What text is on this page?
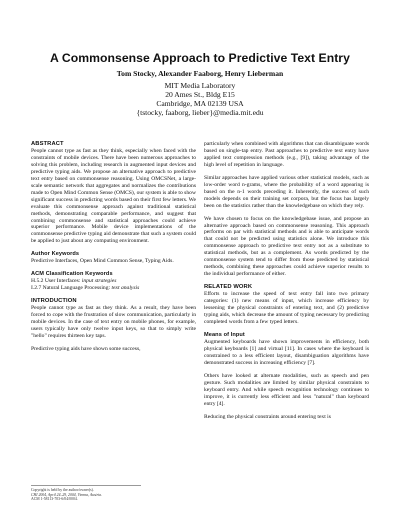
A Commonsense Approach to Predictive Text Entry
Tom Stocky, Alexander Faaborg, Henry Lieberman
MIT Media Laboratory
20 Ames St., Bldg E15
Cambridge, MA 02139 USA
{tstocky, faaborg, lieber}@media.mit.edu

ABSTRACT

People cannot type as fast as they think, especially when faced with the constraints of mobile devices. There have been numerous approaches to solving this problem, including research in augmented input devices and predictive typing aids. We propose an alternative approach to predictive text entry based on commonsense reasoning. Using OMCSNet, a large-scale semantic network that aggregates and normalizes the contributions made to Open Mind Common Sense (OMCS), our system is able to show significant success in predicting words based on their first few letters. We evaluate this commonsense approach against traditional statistical methods, demonstrating comparable performance, and suggest that combining commonsense and statistical approaches could achieve superior performance. Mobile device implementations of the commonsense predictive typing aid demonstrate that such a system could be applied to just about any computing environment.

Author Keywords

Predictive Interfaces, Open Mind Common Sense, Typing Aids.

ACM Classification Keywords

H.5.2 User Interfaces: input strategies

I.2.7 Natural Language Processing: text analysis

INTRODUCTION

People cannot type as fast as they think. As a result, they have been forced to cope with the frustration of slow communication, particularly in mobile devices. In the case of text entry on mobile phones, for example, users typically have only twelve input keys, so that to simply write "hello" requires thirteen key taps.

Predictive typing aids have shown some success,

Copyright is held by the author/owner(s).
CHI 2004, April 24–29, 2004, Vienna, Austria.
ACM 1-58113-703-6/04/0004.

particularly when combined with algorithms that can disambiguate words based on single-tap entry. Past approaches to predictive text entry have applied text compression methods (e.g., [9]), taking advantage of the high level of repetition in language.

Similar approaches have applied various other statistical models, such as low-order word n-grams, where the probability of a word appearing is based on the n-1 words preceding it. Inherently, the success of such models depends on their training set corpora, but the focus has largely been on the statistics rather than the knowledgebase on which they rely.

We have chosen to focus on the knowledgebase issue, and propose an alternative approach based on commonsense reasoning. This approach performs on par with statistical methods and is able to anticipate words that could not be predicted using statistics alone. We introduce this commonsense approach to predictive text entry not as a substitute to statistical methods, but as a complement. As words predicted by the commonsense system tend to differ from those predicted by statistical methods, combining these approaches could achieve superior results to the individual performance of either.

RELATED WORK

Efforts to increase the speed of text entry fall into two primary categories: (1) new means of input, which increase efficiency by lessening the physical constraints of entering text, and (2) predictive typing aids, which decrease the amount of typing necessary by predicting completed words from a few typed letters.

Means of Input

Augmented keyboards have shown improvements in efficiency, both physical keyboards [1] and virtual [11]. In cases where the keyboard is constrained to a less efficient layout, disambiguation algorithms have demonstrated success in increasing efficiency [7].

Others have looked at alternate modalities, such as speech and pen gesture. Such modalities are limited by similar physical constraints to keyboard entry. And while speech recognition technology continues to improve, it is currently less efficient and less "natural" than keyboard entry [4].

Reducing the physical constraints around entering text is
